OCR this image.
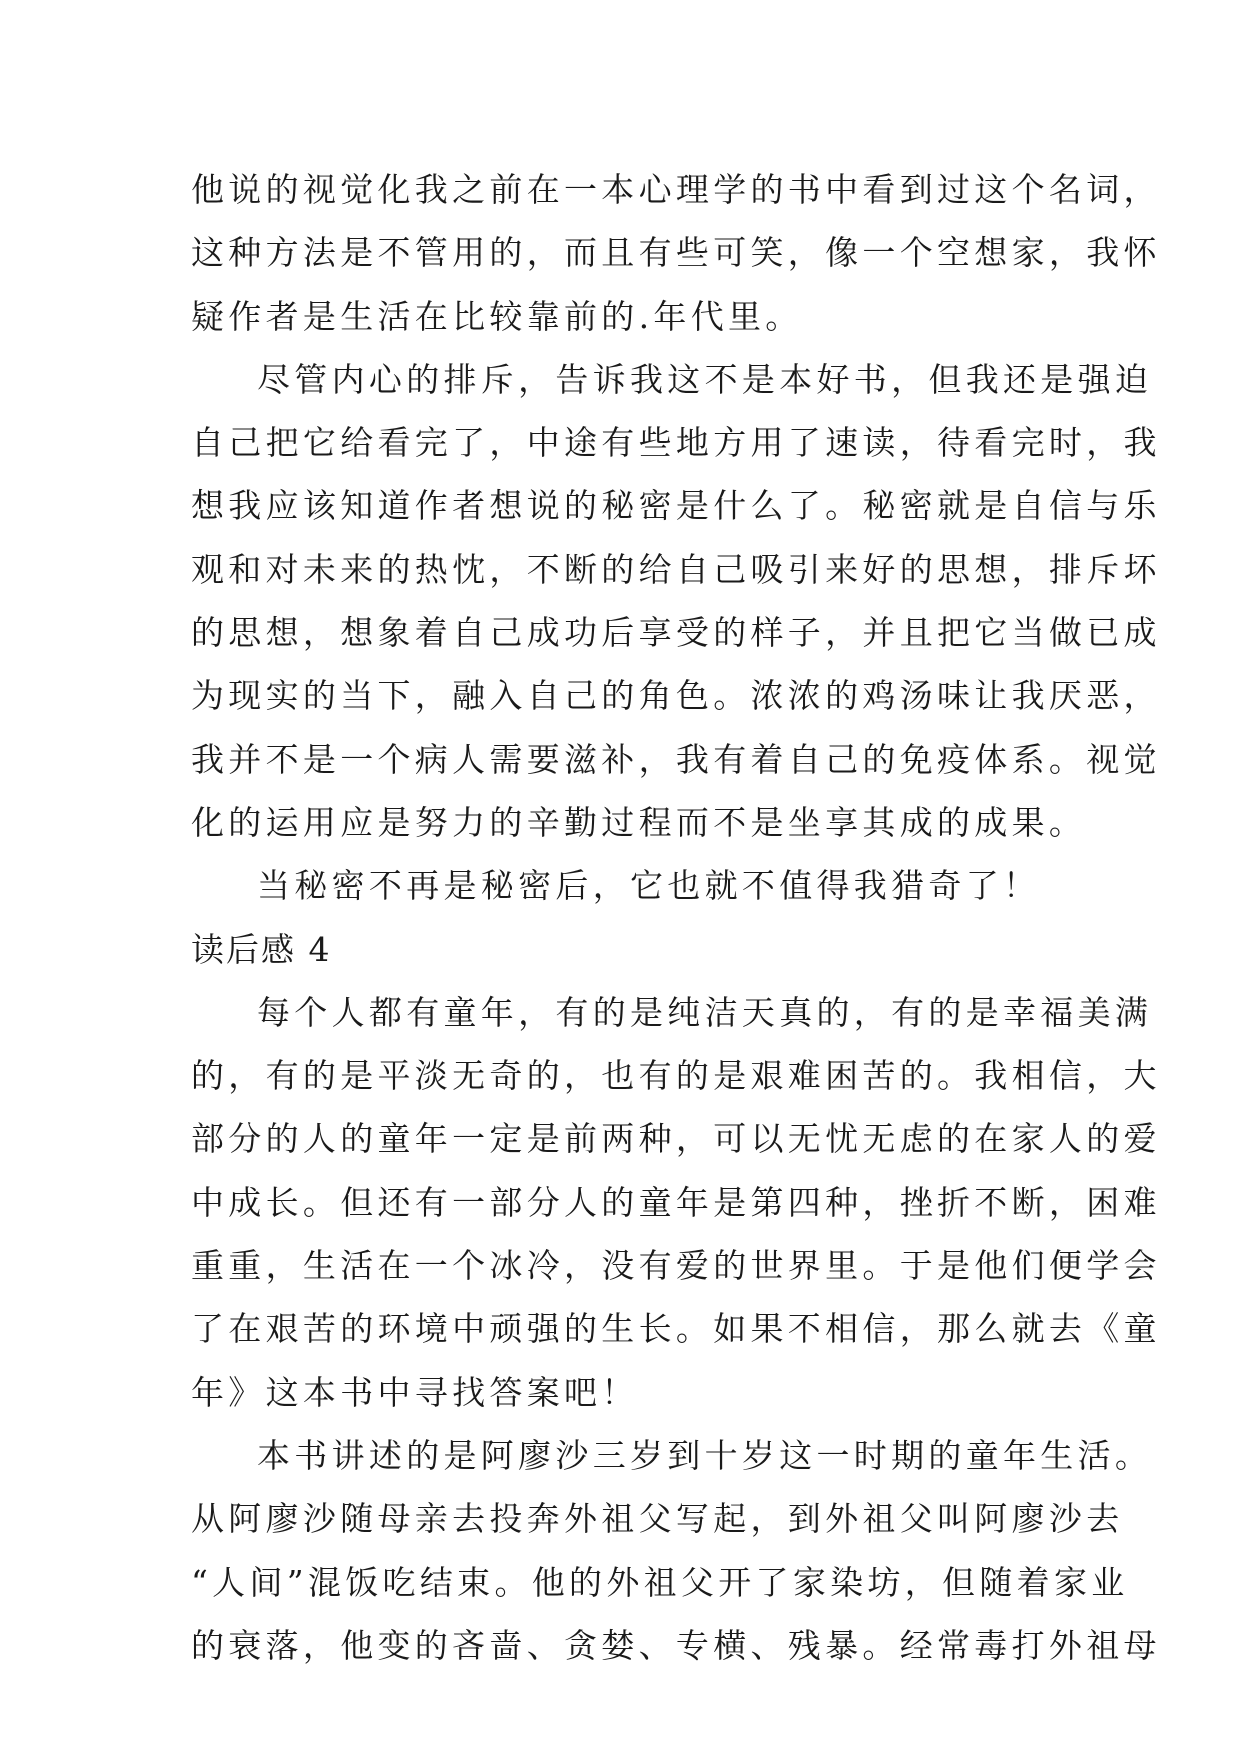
他说的视觉化我之前在一本心理学的书中看到过这个名词，
这种方法是不管用的，而且有些可笑，像一个空想家，我怀
疑作者是生活在比较靠前的.年代里。
尽管内心的排斥，告诉我这不是本好书，但我还是强迫
自己把它给看完了，中途有些地方用了速读，待看完时，我
想我应该知道作者想说的秘密是什么了。秘密就是自信与乐
观和对未来的热忱，不断的给自己吸引来好的思想，排斥坏
的思想，想象着自己成功后享受的样子，并且把它当做已成
为现实的当下，融入自己的角色。浓浓的鸡汤味让我厌恶，
我并不是一个病人需要滋补，我有着自己的免疫体系。视觉
化的运用应是努力的辛勤过程而不是坐享其成的成果。
当秘密不再是秘密后，它也就不值得我猎奇了！
读后感 4
每个人都有童年，有的是纯洁天真的，有的是幸福美满
的，有的是平淡无奇的，也有的是艰难困苦的。我相信，大
部分的人的童年一定是前两种，可以无忧无虑的在家人的爱
中成长。但还有一部分人的童年是第四种，挫折不断，困难
重重，生活在一个冰冷，没有爱的世界里。于是他们便学会
了在艰苦的环境中顽强的生长。如果不相信，那么就去《童
年》这本书中寻找答案吧！
本书讲述的是阿廖沙三岁到十岁这一时期的童年生活。
从阿廖沙随母亲去投奔外祖父写起，到外祖父叫阿廖沙去
“人间”混饭吃结束。他的外祖父开了家染坊，但随着家业
的衰落，他变的吝啬、贪婪、专横、残暴。经常毒打外祖母
